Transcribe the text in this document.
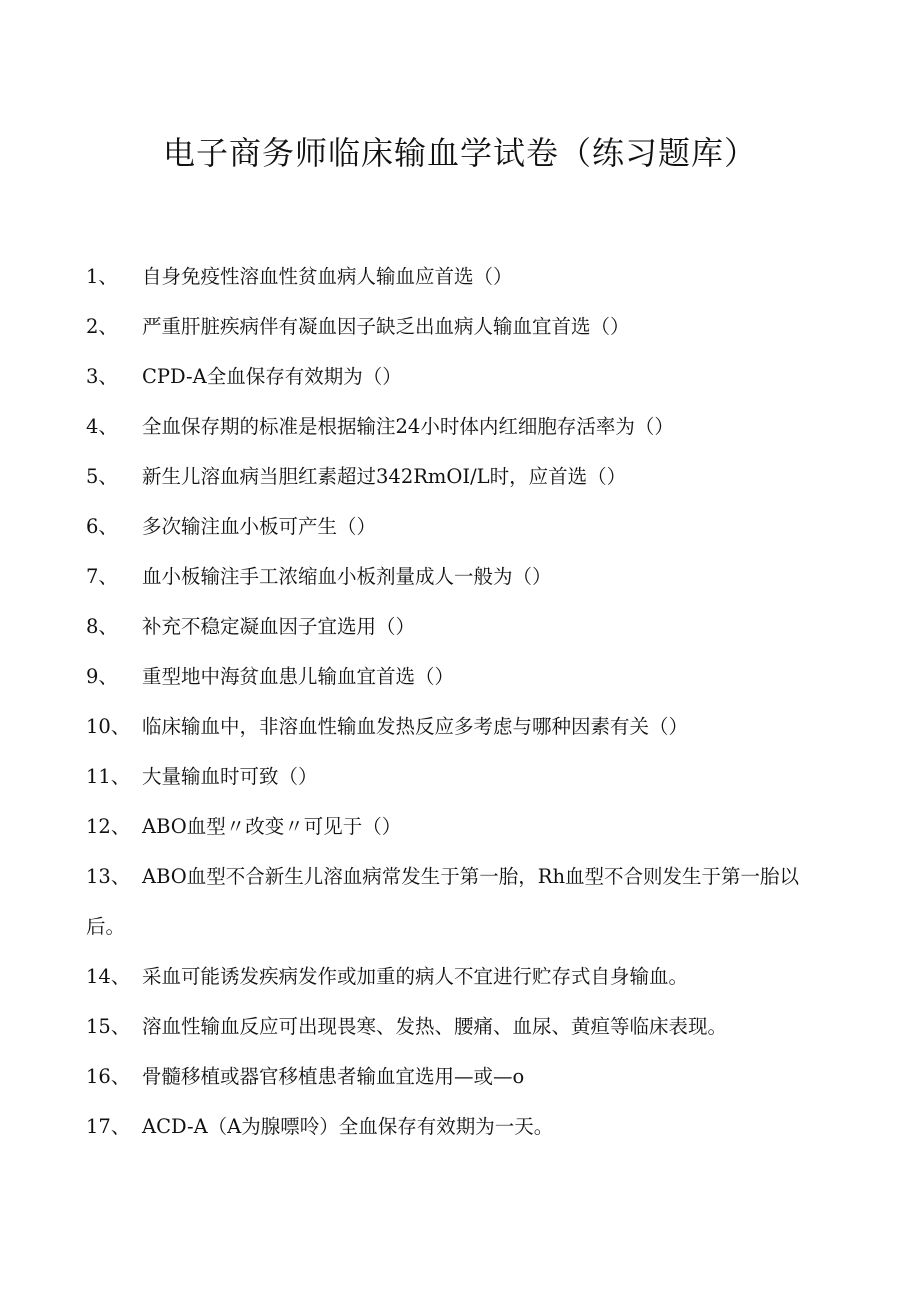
电子商务师临床输血学试卷（练习题库）
1、 自身免疫性溶血性贫血病人输血应首选（）
2、 严重肝脏疾病伴有凝血因子缺乏出血病人输血宜首选（）
3、 CPD-A全血保存有效期为（）
4、 全血保存期的标准是根据输注24小时体内红细胞存活率为（）
5、 新生儿溶血病当胆红素超过342RmOI/L时，应首选（）
6、 多次输注血小板可产生（）
7、 血小板输注手工浓缩血小板剂量成人一般为（）
8、 补充不稳定凝血因子宜选用（）
9、 重型地中海贫血患儿输血宜首选（）
10、 临床输血中，非溶血性输血发热反应多考虑与哪种因素有关（）
11、 大量输血时可致（）
12、 ABO血型〃改变〃可见于（）
13、 ABO血型不合新生儿溶血病常发生于第一胎，Rh血型不合则发生于第一胎以后。
14、 采血可能诱发疾病发作或加重的病人不宜进行贮存式自身输血。
15、 溶血性输血反应可出现畏寒、发热、腰痛、血尿、黄疸等临床表现。
16、 骨髓移植或器官移植患者输血宜选用—或—o
17、 ACD-A（A为腺嘌呤）全血保存有效期为一天。
